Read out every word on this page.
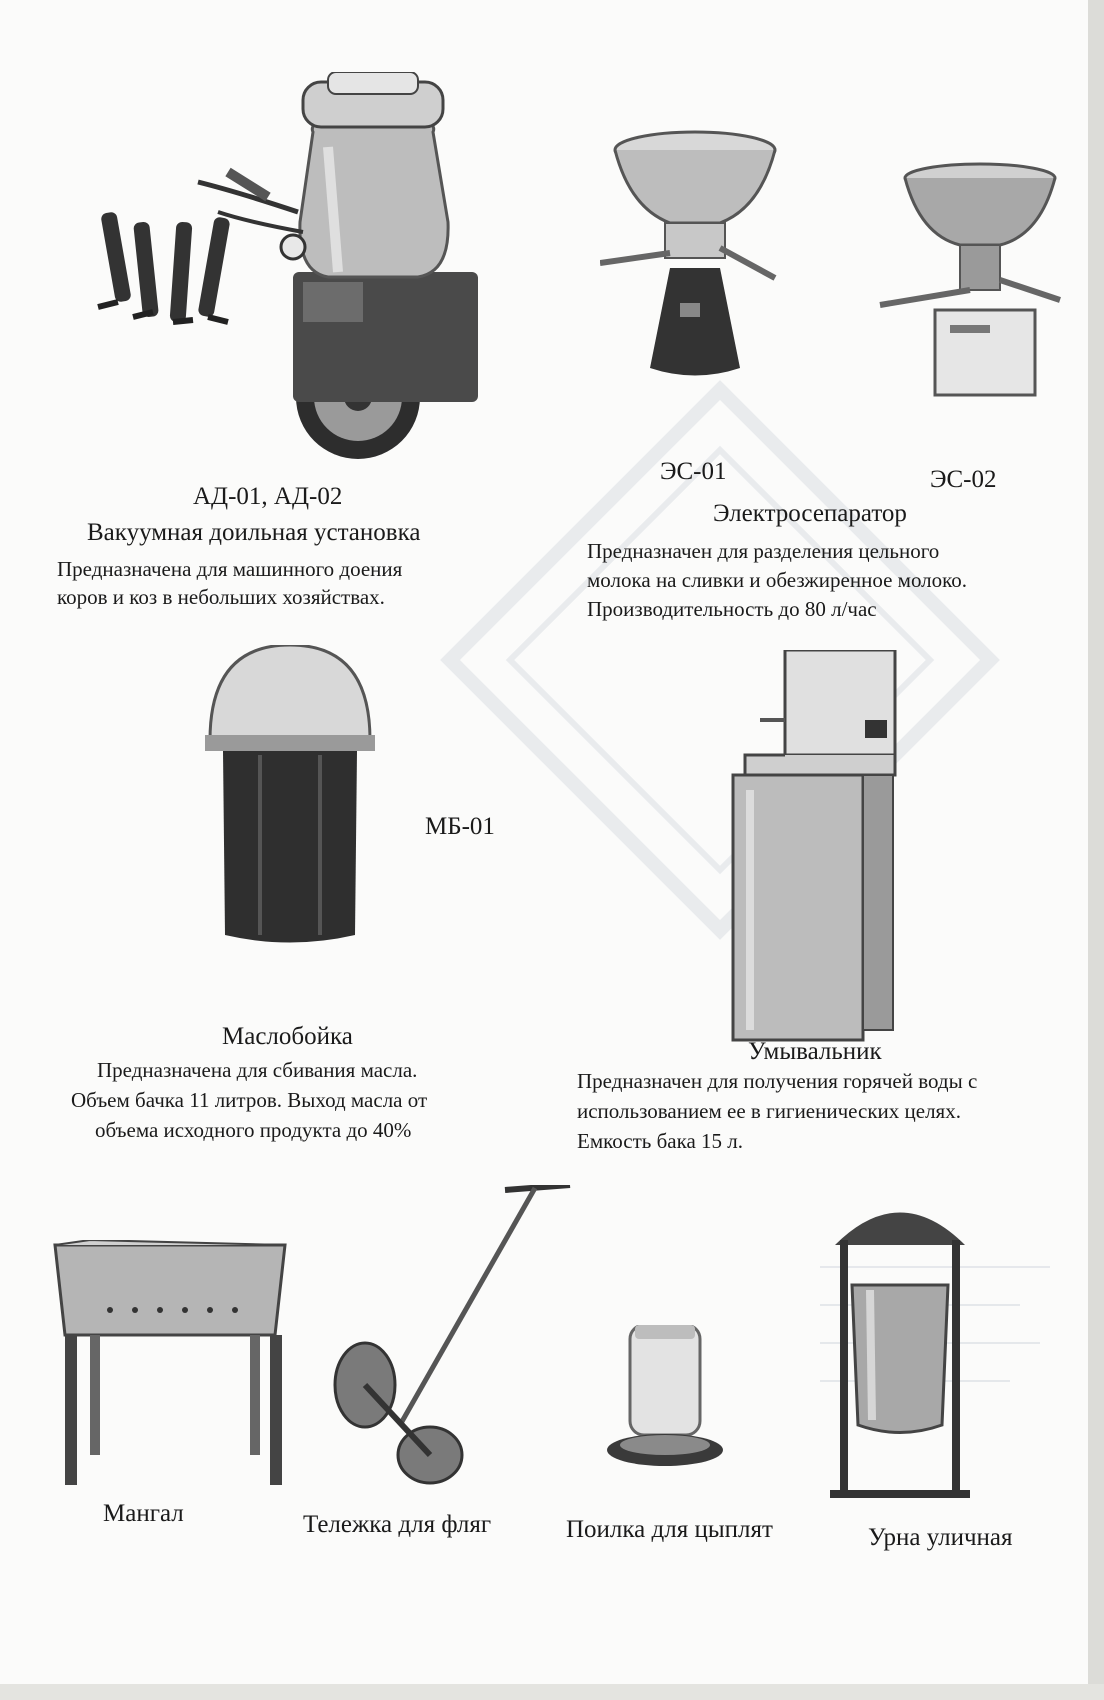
АД-01, АД-02
Вакуумная доильная установка
Предназначена для машинного доения
коров и коз в небольших хозяйствах.
ЭС-01	ЭС-02
Электросепаратор
Предназначен для разделения цельного
молока на сливки и обезжиренное молоко.
Производительность до 80 л/час
МБ-01
Маслобойка
Предназначена для сбивания масла.
Объем бачка 11 литров. Выход масла от
объема исходного продукта до 40%
Умывальник
Предназначен для получения горячей воды с
использованием ее в гигиенических целях.
Емкость бака 15 л.
Мангал	Тележка для фляг	Поилка для цыплят	Урна уличная
